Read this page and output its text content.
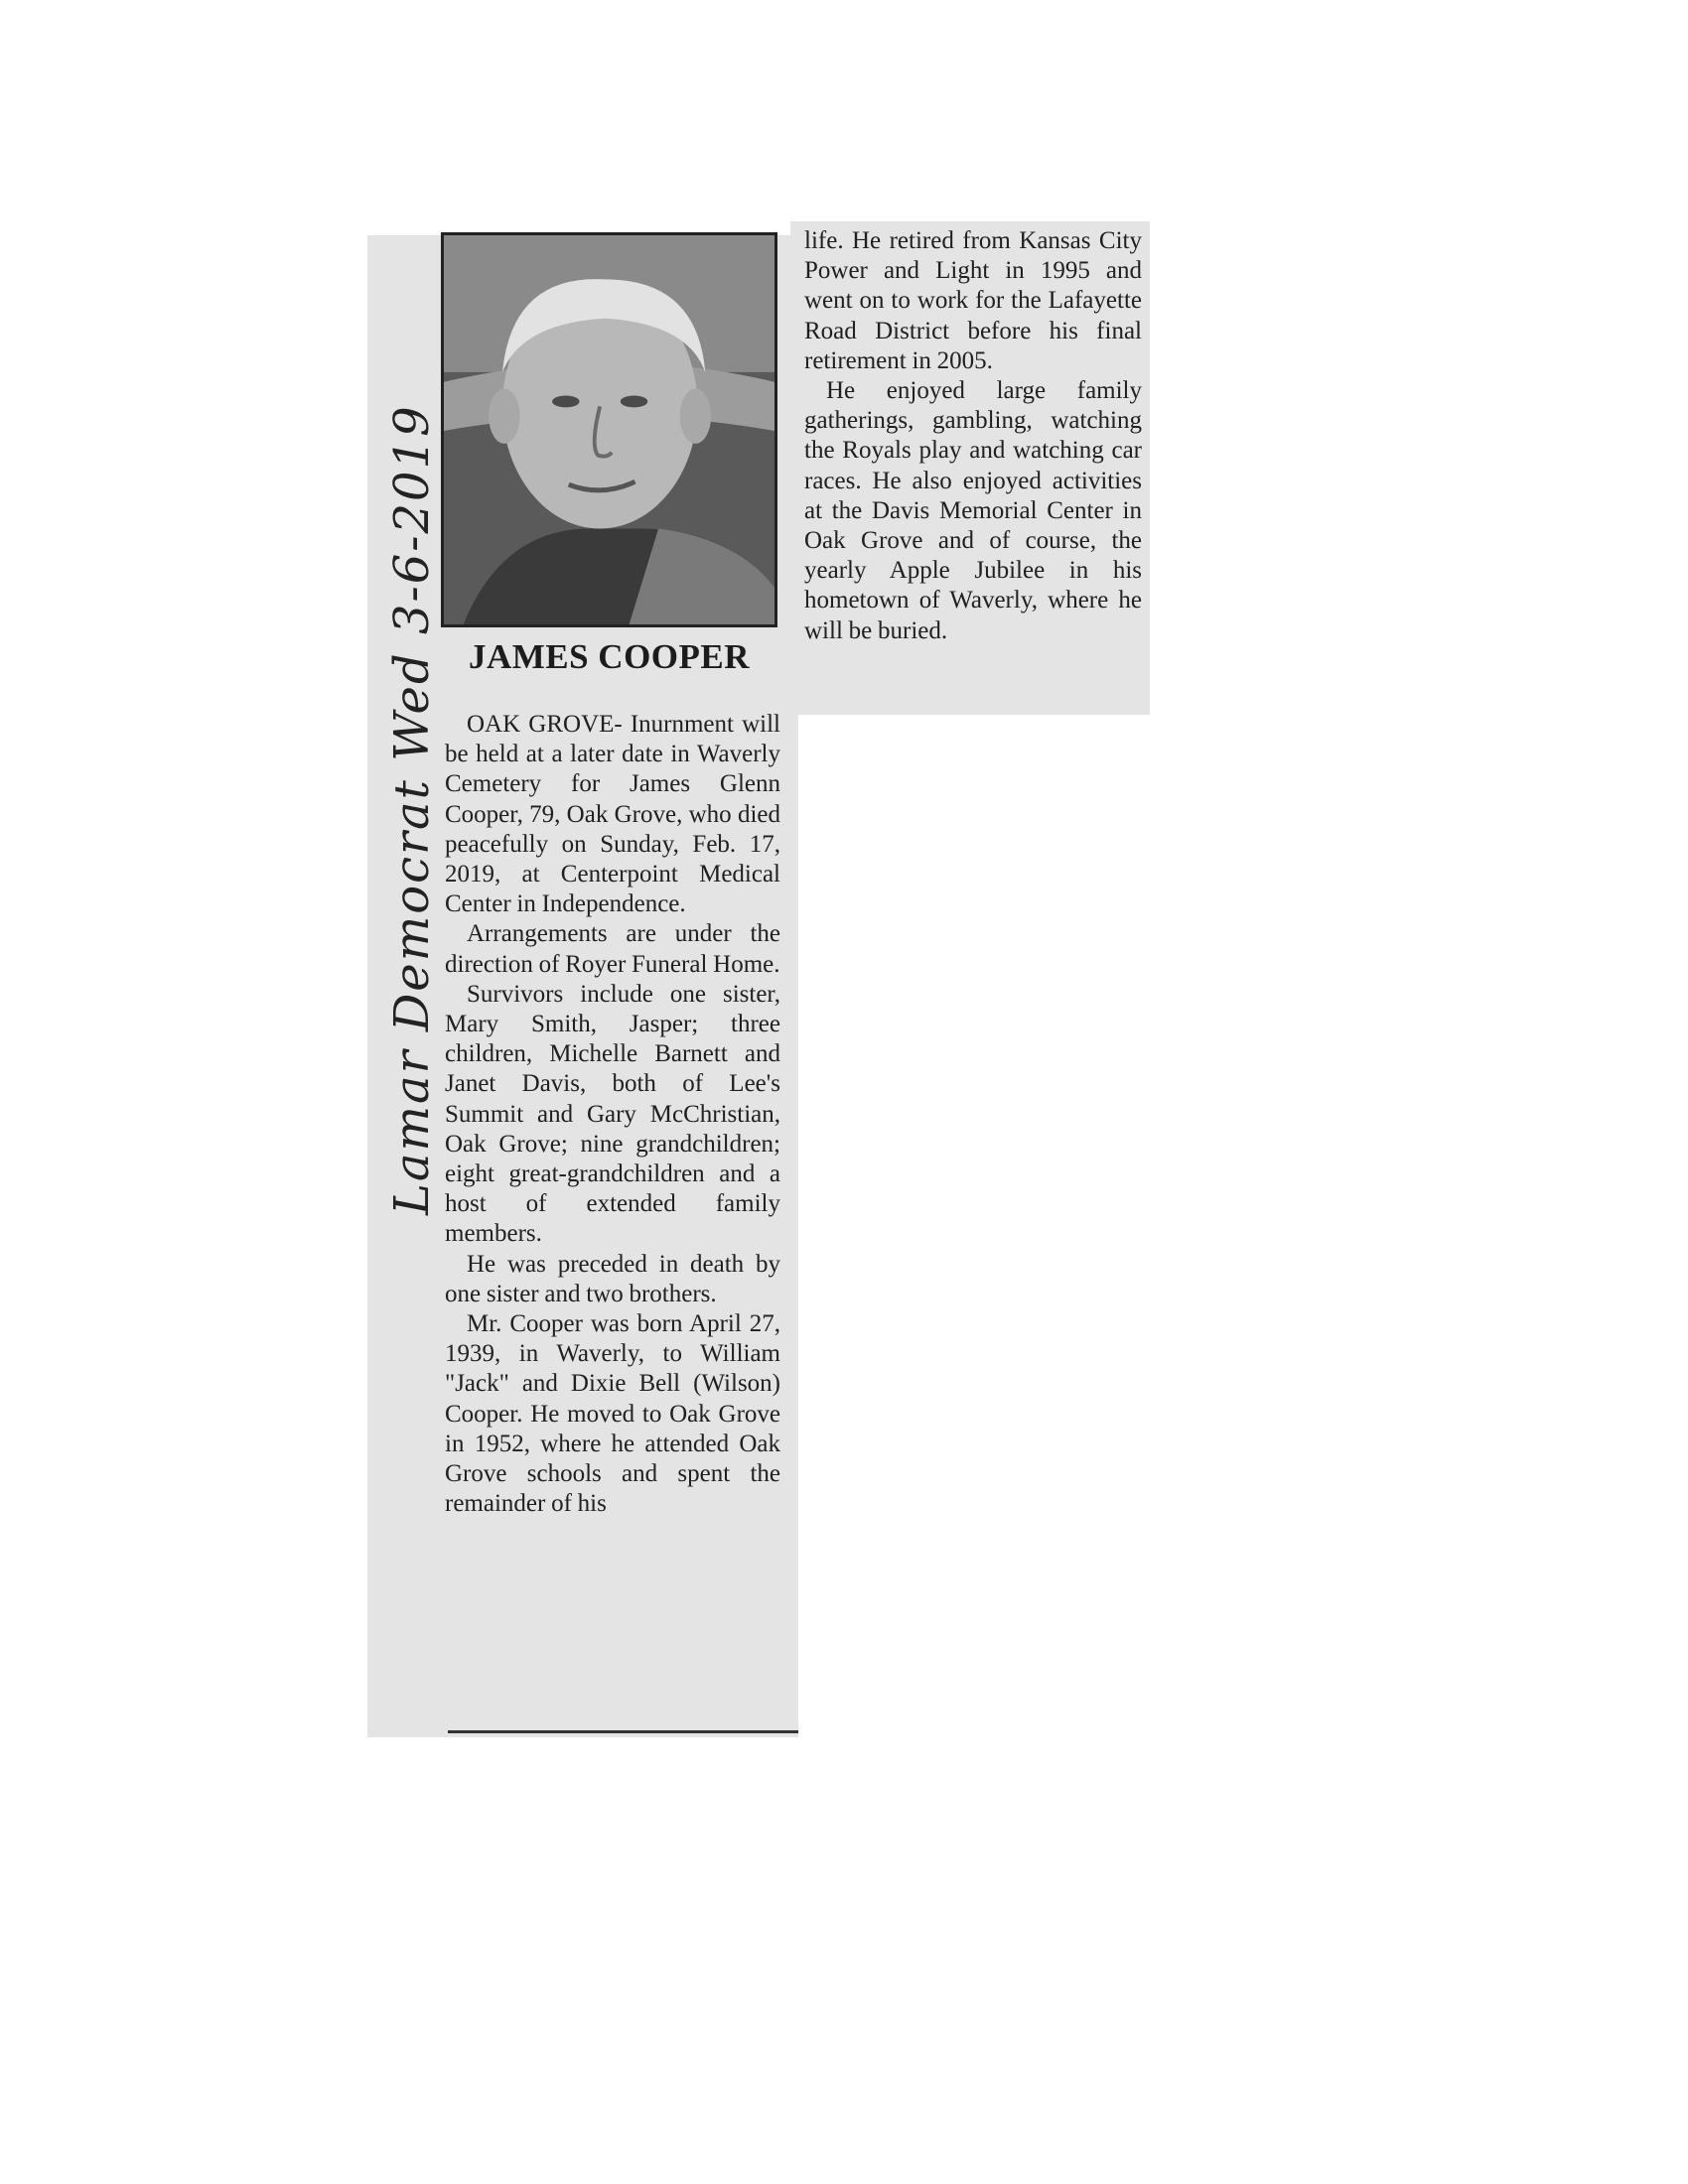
Lamar Democrat Wed 3-6-2019 JAMES COOPER

OAK GROVE- Inurnment will be held at a later date in Waverly Cemetery for James Glenn Cooper, 79, Oak Grove, who died peacefully on Sunday, Feb. 17, 2019, at Centerpoint Medical Center in Independence.

Arrangements are under the direction of Royer Funeral Home.

Survivors include one sister, Mary Smith, Jasper; three children, Michelle Barnett and Janet Davis, both of Lee's Summit and Gary McChristian, Oak Grove; nine grandchildren; eight great-grandchildren and a host of extended family members.

He was preceded in death by one sister and two brothers.

Mr. Cooper was born April 27, 1939, in Waverly, to William "Jack" and Dixie Bell (Wilson) Cooper. He moved to Oak Grove in 1952, where he attended Oak Grove schools and spent the remainder of his

life. He retired from Kansas City Power and Light in 1995 and went on to work for the Lafayette Road District before his final retirement in 2005.

He enjoyed large family gatherings, gambling, watching the Royals play and watching car races. He also enjoyed activities at the Davis Memorial Center in Oak Grove and of course, the yearly Apple Jubilee in his hometown of Waverly, where he will be buried.
